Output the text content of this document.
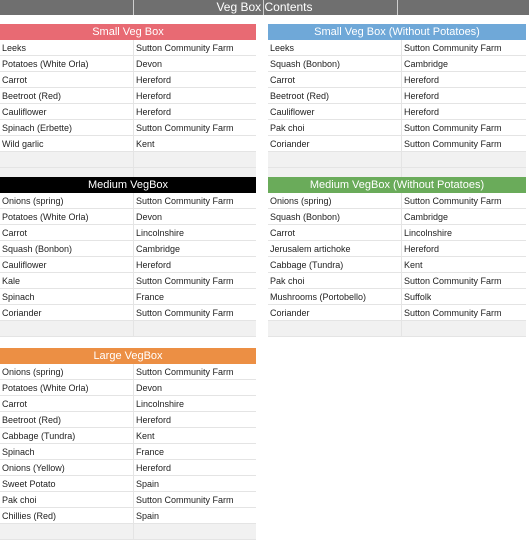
Veg Box Contents
Small Veg Box
Leeks	Sutton Community Farm
Potatoes (White Orla)	Devon
Carrot	Hereford
Beetroot (Red)	Hereford
Cauliflower	Hereford
Spinach (Erbette)	Sutton Community Farm
Wild garlic	Kent
Small Veg Box (Without Potatoes)
Leeks	Sutton Community Farm
Squash (Bonbon)	Cambridge
Carrot	Hereford
Beetroot (Red)	Hereford
Cauliflower	Hereford
Pak choi	Sutton Community Farm
Coriander	Sutton Community Farm
Medium VegBox
Onions (spring)	Sutton Community Farm
Potatoes (White Orla)	Devon
Carrot	Lincolnshire
Squash (Bonbon)	Cambridge
Cauliflower	Hereford
Kale	Sutton Community Farm
Spinach	France
Coriander	Sutton Community Farm
Medium VegBox (Without Potatoes)
Onions (spring)	Sutton Community Farm
Squash (Bonbon)	Cambridge
Carrot	Lincolnshire
Jerusalem artichoke	Hereford
Cabbage (Tundra)	Kent
Pak choi	Sutton Community Farm
Mushrooms (Portobello)	Suffolk
Coriander	Sutton Community Farm
Large VegBox
Onions (spring)	Sutton Community Farm
Potatoes (White Orla)	Devon
Carrot	Lincolnshire
Beetroot (Red)	Hereford
Cabbage (Tundra)	Kent
Spinach	France
Onions (Yellow)	Hereford
Sweet Potato	Spain
Pak choi	Sutton Community Farm
Chillies (Red)	Spain
